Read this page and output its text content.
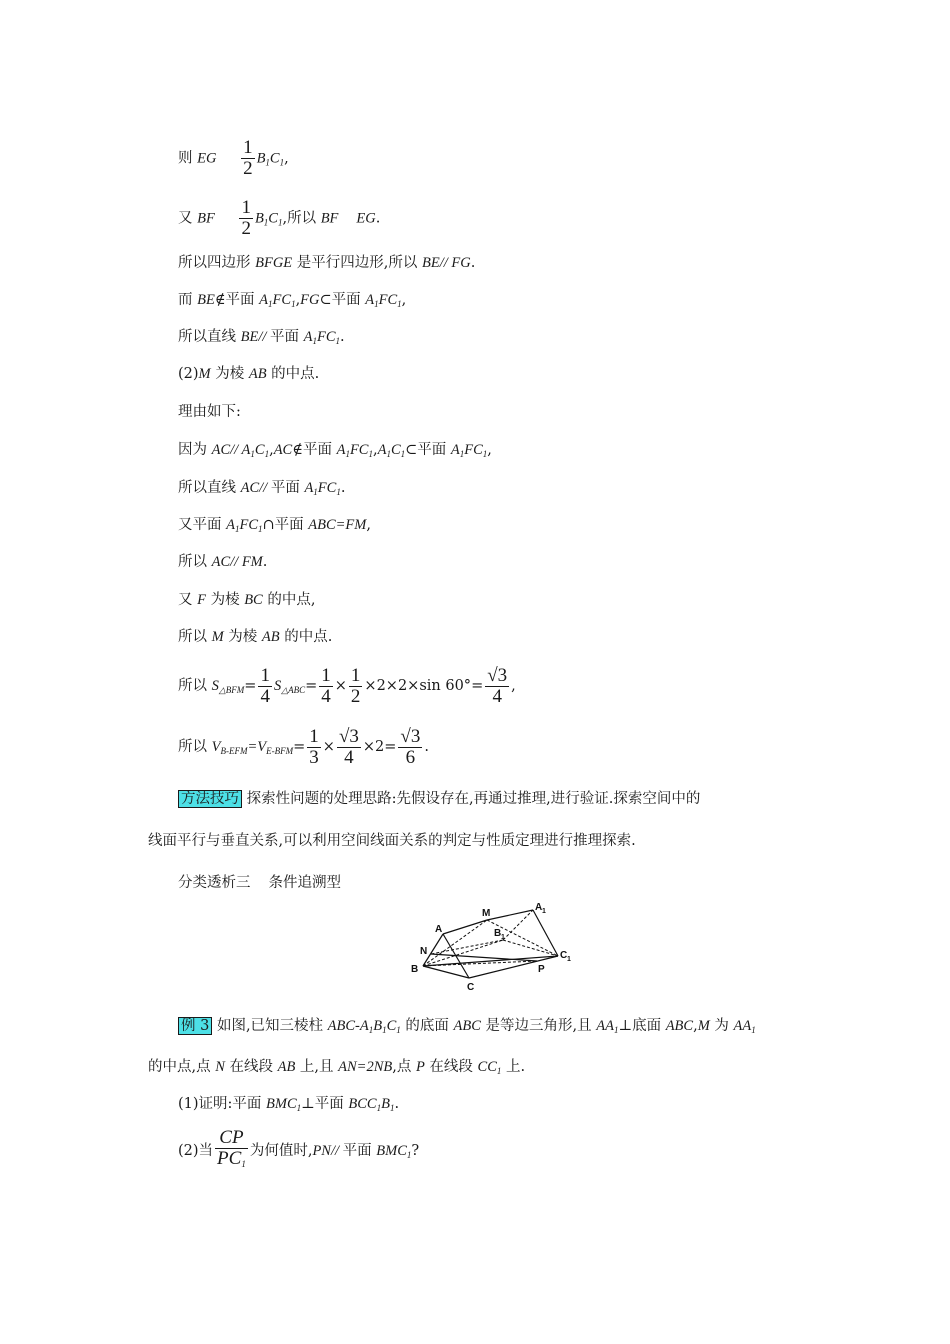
则 EG $\frac{1}{2} B_1C_1$,
又 BF $\frac{1}{2} B_1C_1$,所以 BF EG.
所以四边形 BFGE 是平行四边形,所以 BE// FG.
而 BE∉平面 $A_1FC_1,FG\subset$平面 $A_1FC_1$,
所以直线 BE// 平面 $A_1FC_1$.
(2)M 为棱 AB 的中点.
理由如下:
因为 AC// $A_1C_1,AC\notin$平面 $A_1FC_1,A_1C_1\subset$平面 $A_1FC_1$,
所以直线 AC// 平面 $A_1FC_1$.
又平面 $A_1FC_1\cap$平面 ABC=FM,
所以 AC// FM.
又 F 为棱 BC 的中点,
所以 M 为棱 AB 的中点.
所以 $S_{\triangle BFM}= \frac{1}{4} S_{\triangle ABC}= \frac{1}{4} \times \frac{1}{2} \times 2\times 2\times\sin$ $60^\circ= \frac{√3}{4}$ ,
所以 $V_{B-EFM}=V_{E-BFM}= \frac{1}{3} \times \frac{√3}{4} \times 2= \frac{√3}{6}$ .
方法技巧 探索性问题的处理思路:先假设存在,再通过推理,进行验证.探索空间中的
线面平行与垂直关系,可以利用空间线面关系的判定与性质定理进行推理探索.
分类透析三 条件追溯型
A
M
A 1
B 1
N
B
C 1
P
C
例 3 如图,已知三棱柱 ABC-$A_1B_1C_1$ 的底面 ABC 是等边三角形,且 $AA_1\perp$底面 ABC,M 为 $AA_1$
的中点,点 N 在线段 AB 上,且 AN=2NB,点 P 在线段 $CC_1$ 上.
(1)证明:平面 $BMC_1\perp$平面 $BCC_1B_1$.
(2)当 $\frac{CP}{PC_1}$ 为何值时,PN// 平面 $BMC_1$?
